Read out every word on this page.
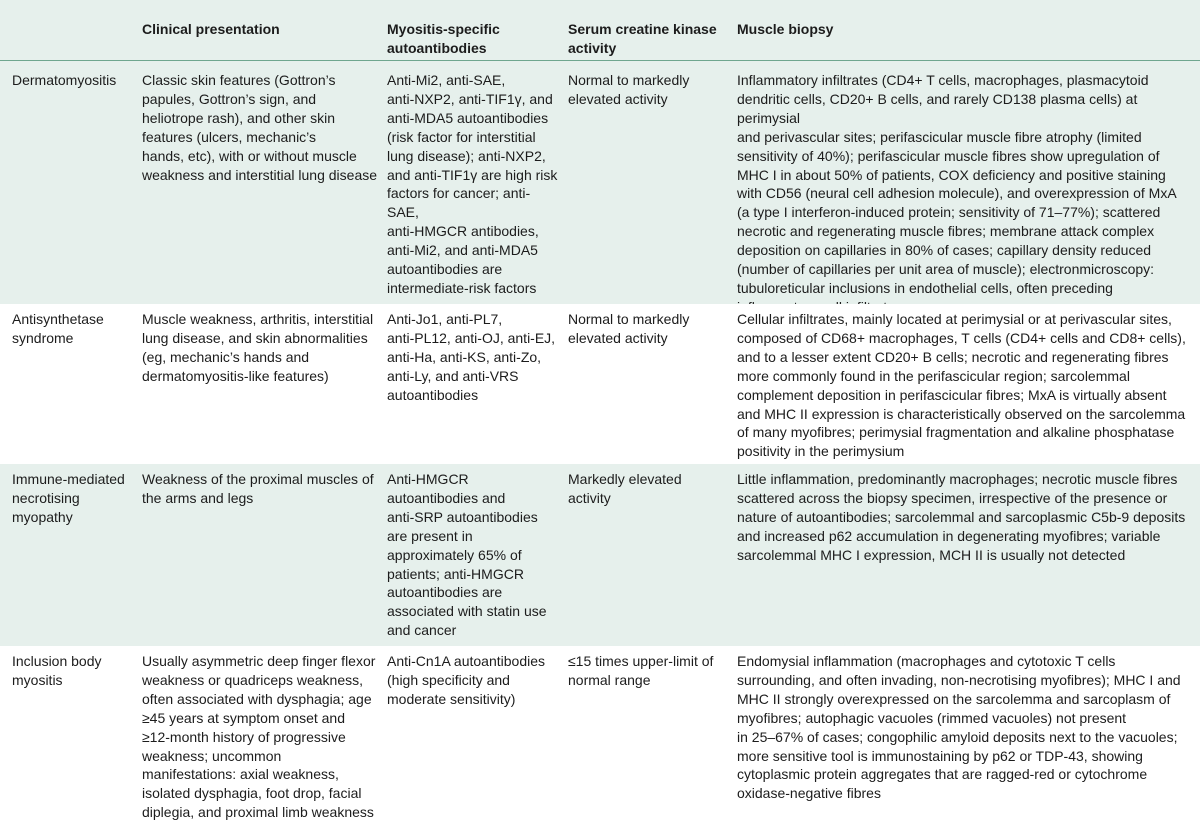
Clinical presentation	Myositis-specific
autoantibodies
Serum creatine kinase
activity
Muscle biopsy
Dermatomyositis	Classic skin features (Gottron’s
papules, Gottron’s sign, and
heliotrope rash), and other skin
features (ulcers, mechanic’s
hands, etc), with or without muscle
weakness and interstitial lung disease
Anti-Mi2, anti-SAE,
anti-NXP2, anti-TIF1γ, and
anti-MDA5 autoantibodies
(risk factor for interstitial
lung disease); anti-NXP2,
and anti-TIF1γ are high risk
factors for cancer; anti-SAE,
anti-HMGCR antibodies,
anti-Mi2, and anti-MDA5
autoantibodies are
intermediate-risk factors
Normal to markedly
elevated activity
Inflammatory infiltrates (CD4+ T cells, macrophages, plasmacytoid
dendritic cells, CD20+ B cells, and rarely CD138 plasma cells) at perimysial
and perivascular sites; perifascicular muscle fibre atrophy (limited
sensitivity of 40%); perifascicular muscle fibres show upregulation of
MHC I in about 50% of patients, COX deficiency and positive staining
with CD56 (neural cell adhesion molecule), and overexpression of MxA
(a type I interferon-induced protein; sensitivity of 71–77%); scattered
necrotic and regenerating muscle fibres; membrane attack complex
deposition on capillaries in 80% of cases; capillary density reduced
(number of capillaries per unit area of muscle); electronmicroscopy:
tubuloreticular inclusions in endothelial cells, often preceding

Antisynthetase
syndrome
Muscle weakness, arthritis, interstitial
lung disease, and skin abnormalities
(eg, mechanic’s hands and
dermatomyositis-like features)
Anti-Jo1, anti-PL7,
anti-PL12, anti-OJ, anti-EJ,
anti-Ha, anti-KS, anti-Zo,
anti-Ly, and anti-VRS
autoantibodies
Normal to markedly
elevated activity
Cellular infiltrates, mainly located at perimysial or at perivascular sites,
composed of CD68+ macrophages, T cells (CD4+ cells and CD8+ cells),
and to a lesser extent CD20+ B cells; necrotic and regenerating fibres
more commonly found in the perifascicular region; sarcolemmal
complement deposition in perifascicular fibres; MxA is virtually absent
and MHC II expression is characteristically observed on the sarcolemma
of many myofibres; perimysial fragmentation and alkaline phosphatase
positivity in the perimysium
Immune-mediated
necrotising
myopathy
Weakness of the proximal muscles of
the arms and legs
Anti-HMGCR
autoantibodies and
anti-SRP autoantibodies
are present in
approximately 65% of
patients; anti-HMGCR
autoantibodies are
associated with statin use
and cancer
Markedly elevated
activity
Little inflammation, predominantly macrophages; necrotic muscle fibres
scattered across the biopsy specimen, irrespective of the presence or
nature of autoantibodies; sarcolemmal and sarcoplasmic C5b-9 deposits
and increased p62 accumulation in degenerating myofibres; variable
sarcolemmal MHC I expression, MCH II is usually not detected
Inclusion body
myositis
Usually asymmetric deep finger flexor
weakness or quadriceps weakness,
often associated with dysphagia; age
≥45 years at symptom onset and
≥12-month history of progressive
weakness; uncommon
manifestations: axial weakness,
isolated dysphagia, foot drop, facial
diplegia, and proximal limb weakness
Anti-Cn1A autoantibodies
(high specificity and
moderate sensitivity)
≤15 times upper-limit of
normal range
Endomysial inflammation (macrophages and cytotoxic T cells
surrounding, and often invading, non-necrotising myofibres); MHC I and
MHC II strongly overexpressed on the sarcolemma and sarcoplasm of
myofibres; autophagic vacuoles (rimmed vacuoles) not present
in 25–67% of cases; congophilic amyloid deposits next to the vacuoles;
more sensitive tool is immunostaining by p62 or TDP-43, showing
cytoplasmic protein aggregates that are ragged-red or cytochrome
oxidase-negative fibres
